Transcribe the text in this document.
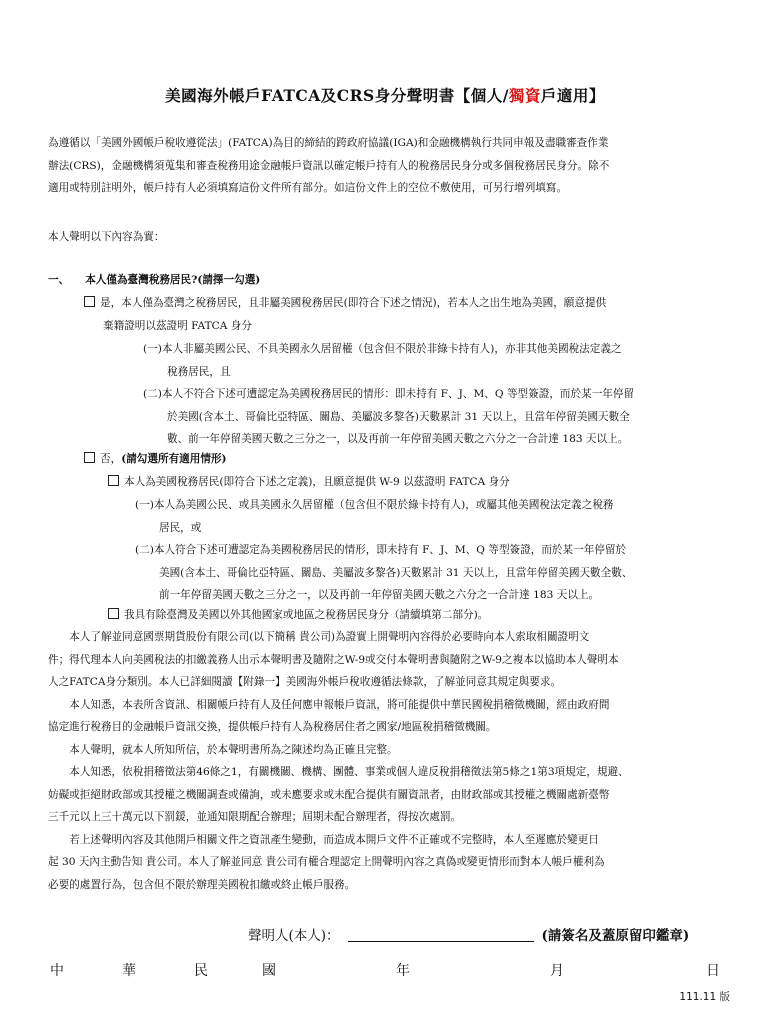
美國海外帳戶FATCA及CRS身分聲明書【個人/獨資戶適用】
為遵循以「美國外國帳戶稅收遵從法」(FATCA)為目的締結的跨政府協議(IGA)和金融機構執行共同申報及盡職審查作業
辦法(CRS)，金融機構須蒐集和審查稅務用途金融帳戶資訊以確定帳戶持有人的稅務居民身分或多個稅務居民身分。除不
適用或特別註明外，帳戶持有人必須填寫這份文件所有部分。如這份文件上的空位不敷使用，可另行增列填寫。
本人聲明以下內容為實：
一、 本人僅為臺灣稅務居民?(請擇一勾選)
是，本人僅為臺灣之稅務居民，且非屬美國稅務居民(即符合下述之情況)，若本人之出生地為美國，願意提供
棄籍證明以茲證明 FATCA 身分
(一)本人非屬美國公民、不具美國永久居留權（包含但不限於非綠卡持有人)，亦非其他美國稅法定義之
稅務居民，且
(二)本人不符合下述可遭認定為美國稅務居民的情形：即未持有 F、J、M、Q 等型簽證，而於某一年停留
於美國(含本土、哥倫比亞特區、關島、美屬波多黎各)天數累計 31 天以上，且當年停留美國天數全
數、前一年停留美國天數之三分之一，以及再前一年停留美國天數之六分之一合計達 183 天以上。
否，(請勾選所有適用情形)
本人為美國稅務居民(即符合下述之定義)，且願意提供 W-9 以茲證明 FATCA 身分
(一)本人為美國公民、或具美國永久居留權（包含但不限於綠卡持有人)，或屬其他美國稅法定義之稅務
居民，或
(二)本人符合下述可遭認定為美國稅務居民的情形，即未持有 F、J、M、Q 等型簽證，而於某一年停留於
美國(含本土、哥倫比亞特區、關島、美屬波多黎各)天數累計 31 天以上，且當年停留美國天數全數、
前一年停留美國天數之三分之一，以及再前一年停留美國天數之六分之一合計達 183 天以上。
我具有除臺灣及美國以外其他國家或地區之稅務居民身分（請續填第二部分)。
　　本人了解並同意國票期貨股份有限公司(以下簡稱 貴公司)為證實上開聲明內容得於必要時向本人索取相關證明文
件；得代理本人向美國稅法的扣繳義務人出示本聲明書及隨附之W-9或交付本聲明書與隨附之W-9之複本以協助本人聲明本
人之FATCA身分類別。本人已詳細閱讀【附錄一】美國海外帳戶稅收遵循法條款，了解並同意其規定與要求。
　　本人知悉，本表所含資訊、相關帳戶持有人及任何應申報帳戶資訊，將可能提供中華民國稅捐稽徵機關，經由政府間
協定進行稅務目的金融帳戶資訊交換，提供帳戶持有人為稅務居住者之國家/地區稅捐稽徵機關。
　　本人聲明，就本人所知所信，於本聲明書所為之陳述均為正確且完整。
　　本人知悉，依稅捐稽徵法第46條之1，有關機關、機構、團體、事業或個人違反稅捐稽徵法第5條之1第3項規定，規避、
妨礙或拒絕財政部或其授權之機關調查或備詢，或未應要求或未配合提供有關資訊者，由財政部或其授權之機關處新臺幣
三千元以上三十萬元以下罰鍰，並通知限期配合辦理；屆期未配合辦理者，得按次處罰。
　　若上述聲明內容及其他開戶相關文件之資訊產生變動，而造成本開戶文件不正確或不完整時，本人至遲應於變更日
起 30 天內主動告知 貴公司。本人了解並同意 貴公司有權合理認定上開聲明內容之真偽或變更情形而對本人帳戶權利為
必要的處置行為，包含但不限於辦理美國稅扣繳或終止帳戶服務。
聲明人(本人)：	(請簽名及蓋原留印鑑章)
中	華	民	國	年	月	日
111.11 版
